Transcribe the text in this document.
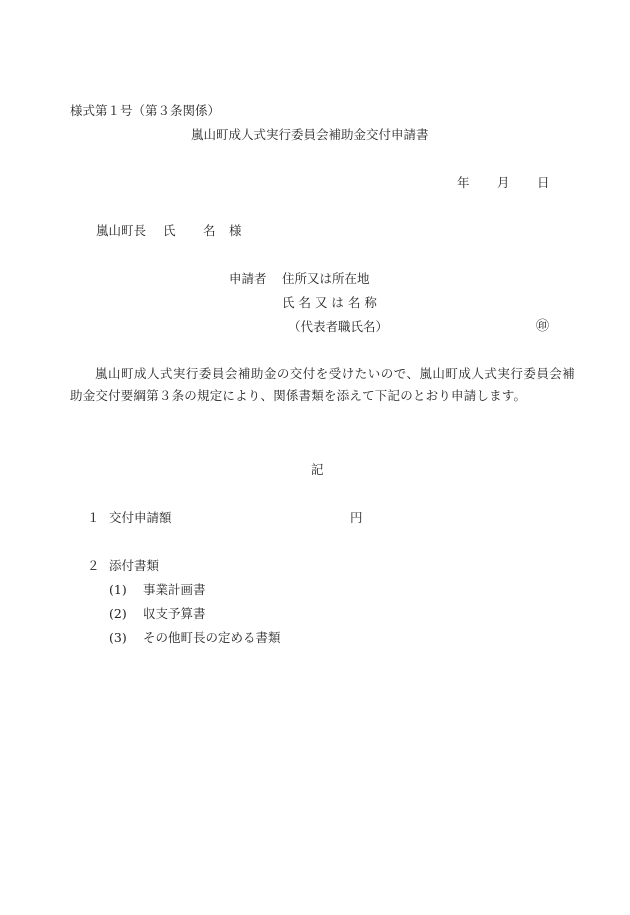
様式第１号（第３条関係）
嵐山町成人式実行委員会補助金交付申請書
年 月 日
嵐山町長 氏 名 様
申請者 住所又は所在地
氏 名 又 は 名 称
（代表者職氏名）	㊞
嵐山町成人式実行委員会補助金の交付を受けたいので、嵐山町成人式実行委員会補助金交付要綱第３条の規定により、関係書類を添えて下記のとおり申請します。
記
１ 交付申請額	円
２ 添付書類
(1) 事業計画書
(2) 収支予算書
(3) その他町長の定める書類
